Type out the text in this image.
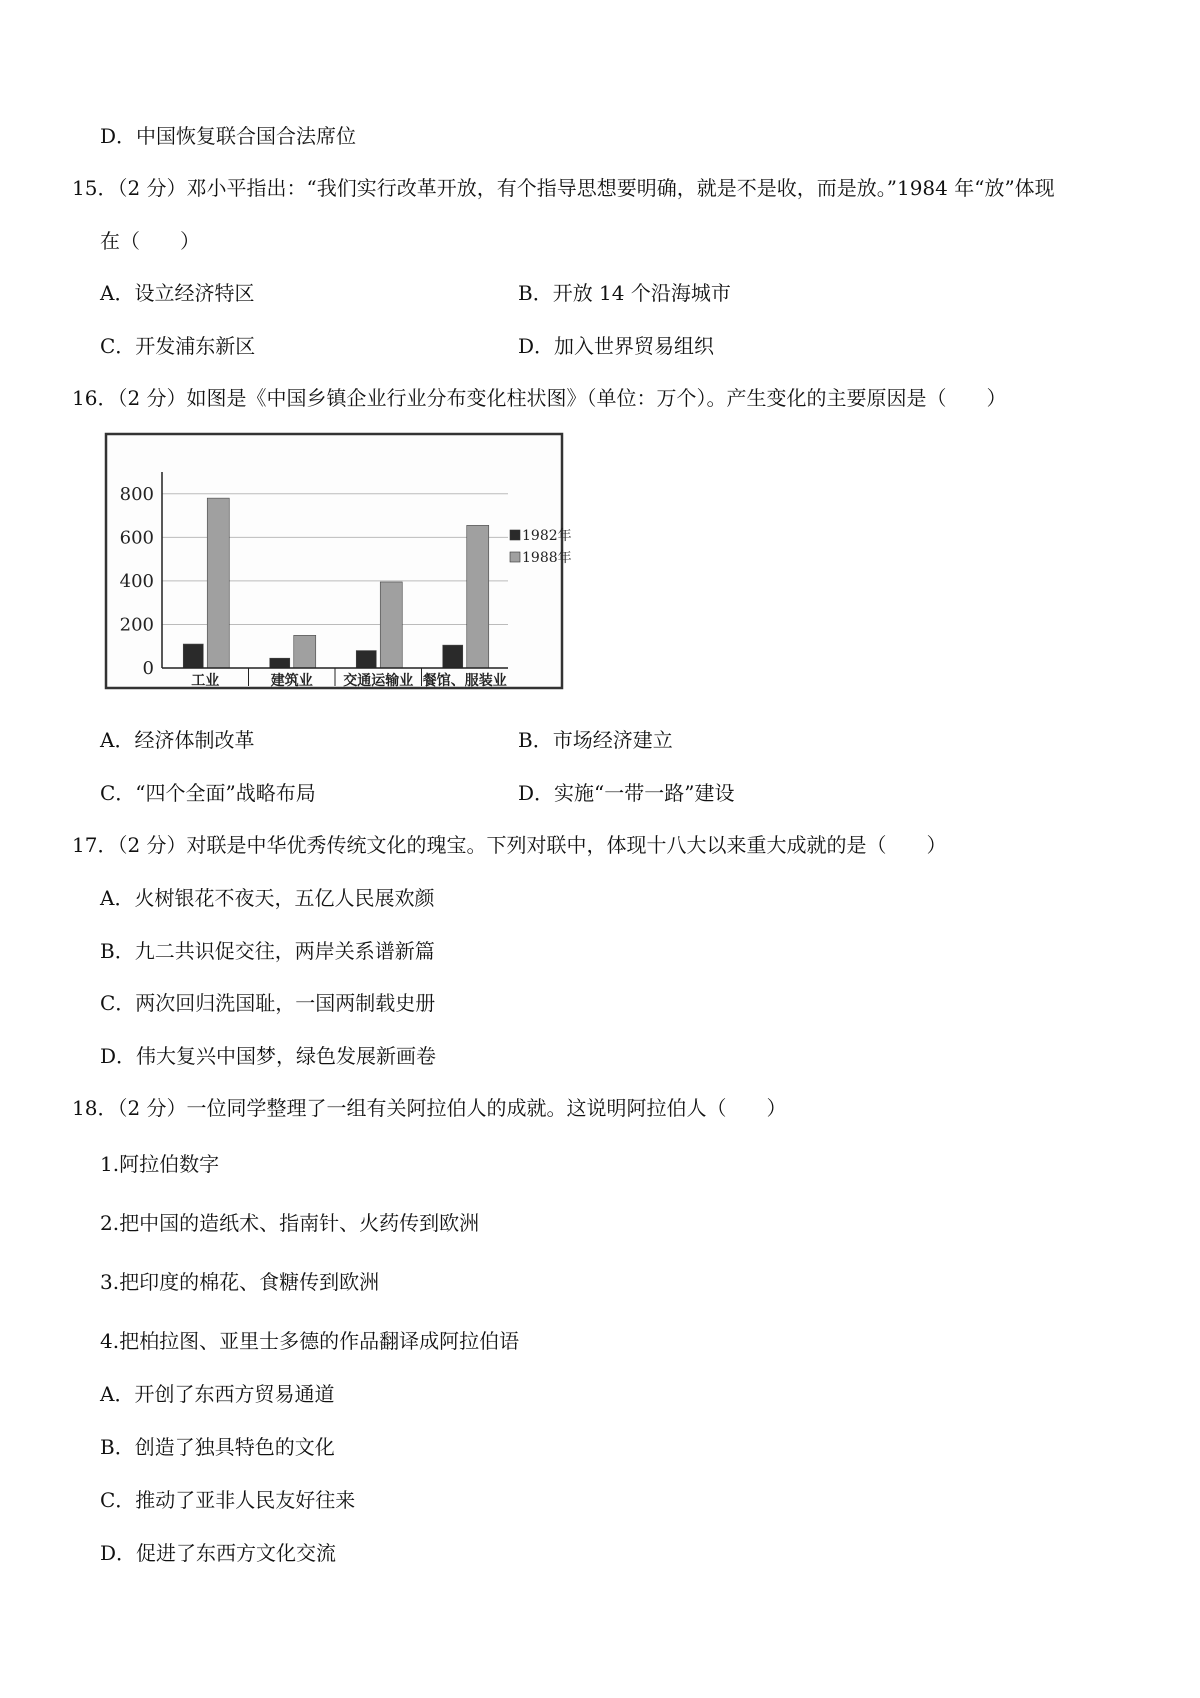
D．中国恢复联合国合法席位
15．（2 分）邓小平指出：“我们实行改革开放，有个指导思想要明确，就是不是收，而是放。”1984 年“放”体现
在（　　）
A．设立经济特区	B．开放 14 个沿海城市
C．开发浦东新区	D．加入世界贸易组织
16．（2 分）如图是《中国乡镇企业行业分布变化柱状图》（单位：万个）。产生变化的主要原因是（　　）
0
200
400
600
800
工业	建筑业 交通运输业 餐馆、服装业
1982年
1988年
A．经济体制改革	B．市场经济建立
C．“四个全面”战略布局	D．实施“一带一路”建设
17．（2 分）对联是中华优秀传统文化的瑰宝。下列对联中，体现十八大以来重大成就的是（　　）
A．火树银花不夜天，五亿人民展欢颜
B．九二共识促交往，两岸关系谱新篇
C．两次回归洗国耻，一国两制载史册
D．伟大复兴中国梦，绿色发展新画卷
18．（2 分）一位同学整理了一组有关阿拉伯人的成就。这说明阿拉伯人（　　）
1.阿拉伯数字
2.把中国的造纸术、指南针、火药传到欧洲
3.把印度的棉花、食糖传到欧洲
4.把柏拉图、亚里士多德的作品翻译成阿拉伯语
A．开创了东西方贸易通道
B．创造了独具特色的文化
C．推动了亚非人民友好往来
D．促进了东西方文化交流
